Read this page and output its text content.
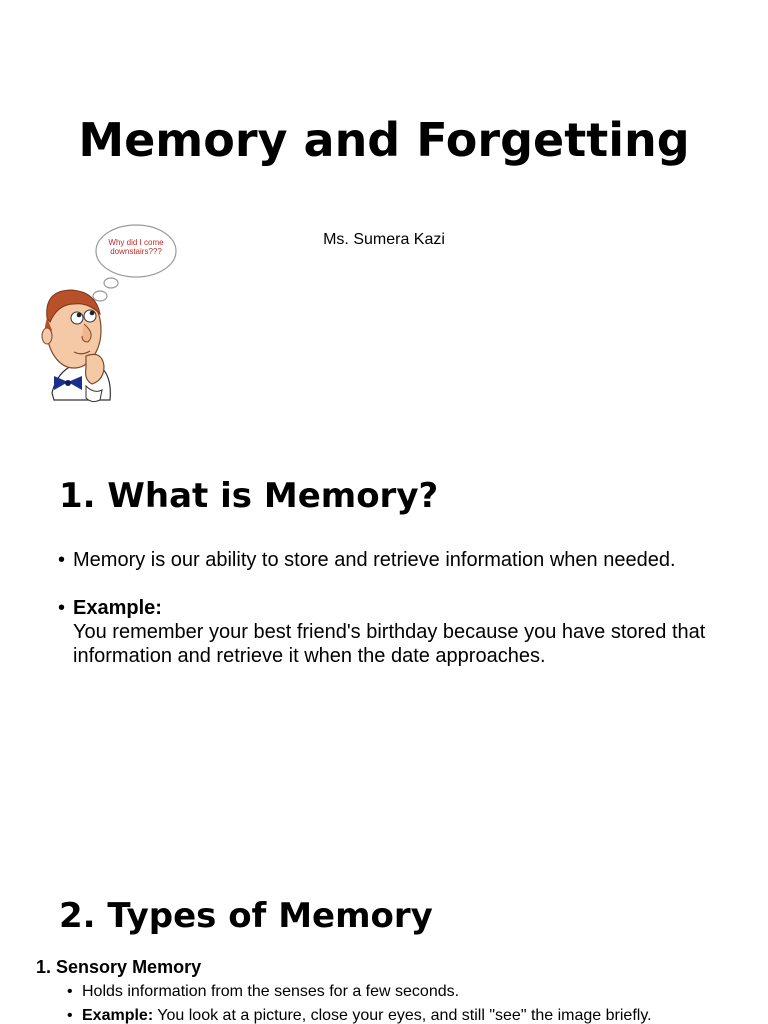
Memory and Forgetting
Ms. Sumera Kazi
Why did I come downstairs???
1. What is Memory?
• Memory is our ability to store and retrieve information when needed.
• Example:
You remember your best friend's birthday because you have stored that information and retrieve it when the date approaches.
2. Types of Memory
1. Sensory Memory
• Holds information from the senses for a few seconds.
• Example: You look at a picture, close your eyes, and still "see" the image briefly.
